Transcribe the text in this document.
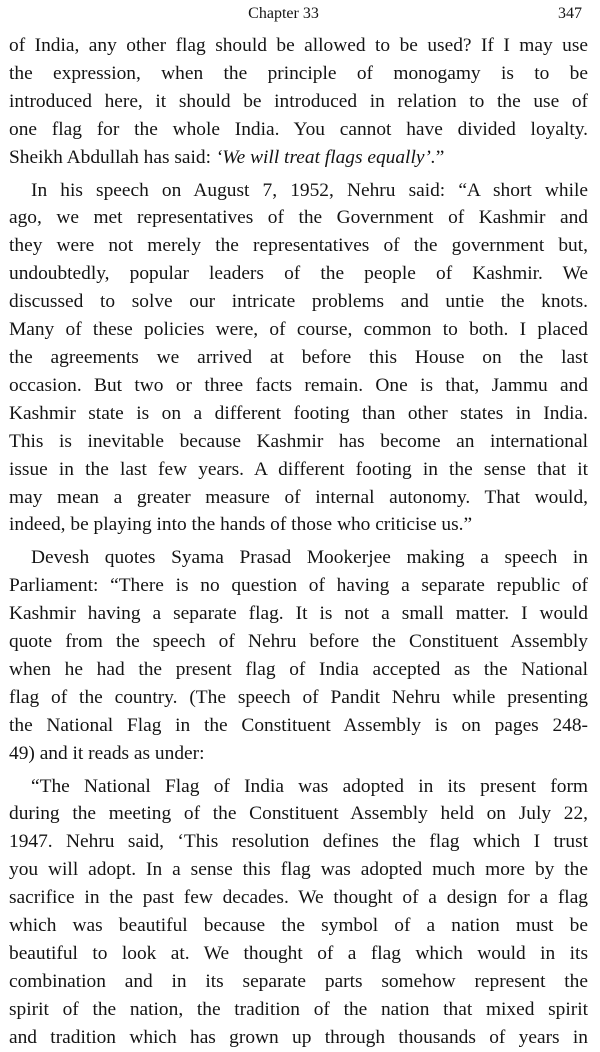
Chapter 33	347
of India, any other flag should be allowed to be used? If I may use
the expression, when the principle of monogamy is to be
introduced here, it should be introduced in relation to the use of
one flag for the whole India. You cannot have divided loyalty.
Sheikh Abdullah has said: ‘We will treat flags equally’.”
In his speech on August 7, 1952, Nehru said: “A short while
ago, we met representatives of the Government of Kashmir and
they were not merely the representatives of the government but,
undoubtedly, popular leaders of the people of Kashmir. We
discussed to solve our intricate problems and untie the knots.
Many of these policies were, of course, common to both. I placed
the agreements we arrived at before this House on the last
occasion. But two or three facts remain. One is that, Jammu and
Kashmir state is on a different footing than other states in India.
This is inevitable because Kashmir has become an international
issue in the last few years. A different footing in the sense that it
may mean a greater measure of internal autonomy. That would,
indeed, be playing into the hands of those who criticise us.”
Devesh quotes Syama Prasad Mookerjee making a speech in
Parliament: “There is no question of having a separate republic of
Kashmir having a separate flag. It is not a small matter. I would
quote from the speech of Nehru before the Constituent Assembly
when he had the present flag of India accepted as the National
flag of the country. (The speech of Pandit Nehru while presenting
the National Flag in the Constituent Assembly is on pages 248-
49) and it reads as under:
“The National Flag of India was adopted in its present form
during the meeting of the Constituent Assembly held on July 22,
1947. Nehru said, ‘This resolution defines the flag which I trust
you will adopt. In a sense this flag was adopted much more by the
sacrifice in the past few decades. We thought of a design for a flag
which was beautiful because the symbol of a nation must be
beautiful to look at. We thought of a flag which would in its
combination and in its separate parts somehow represent the
spirit of the nation, the tradition of the nation that mixed spirit
and tradition which has grown up through thousands of years in
